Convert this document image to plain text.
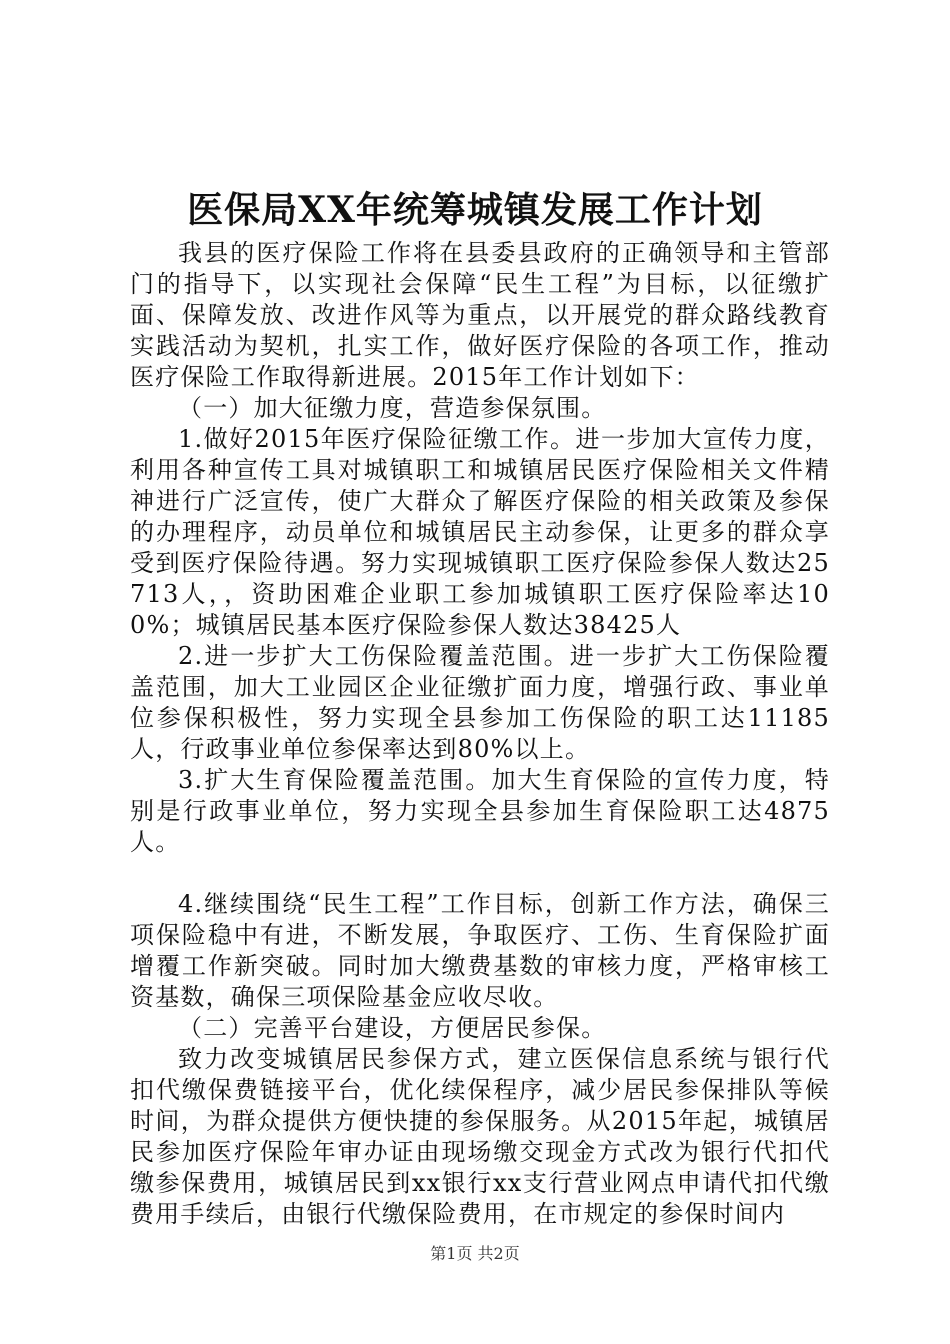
医保局XX年统筹城镇发展工作计划

我县的医疗保险工作将在县委县政府的正确领导和主管部门的指导下，以实现社会保障“民生工程”为目标，以征缴扩面、保障发放、改进作风等为重点，以开展党的群众路线教育实践活动为契机，扎实工作，做好医疗保险的各项工作，推动医疗保险工作取得新进展。2015年工作计划如下：

（一）加大征缴力度，营造参保氛围。

1.做好2015年医疗保险征缴工作。进一步加大宣传力度，利用各种宣传工具对城镇职工和城镇居民医疗保险相关文件精神进行广泛宣传，使广大群众了解医疗保险的相关政策及参保的办理程序，动员单位和城镇居民主动参保，让更多的群众享受到医疗保险待遇。努力实现城镇职工医疗保险参保人数达25713人，，资助困难企业职工参加城镇职工医疗保险率达100%；城镇居民基本医疗保险参保人数达38425人

2.进一步扩大工伤保险覆盖范围。进一步扩大工伤保险覆盖范围，加大工业园区企业征缴扩面力度，增强行政、事业单位参保积极性，努力实现全县参加工伤保险的职工达11185人，行政事业单位参保率达到80%以上。

3.扩大生育保险覆盖范围。加大生育保险的宣传力度，特别是行政事业单位，努力实现全县参加生育保险职工达4875人。

4.继续围绕“民生工程”工作目标，创新工作方法，确保三项保险稳中有进，不断发展，争取医疗、工伤、生育保险扩面增覆工作新突破。同时加大缴费基数的审核力度，严格审核工资基数，确保三项保险基金应收尽收。

（二）完善平台建设，方便居民参保。

致力改变城镇居民参保方式，建立医保信息系统与银行代扣代缴保费链接平台，优化续保程序，减少居民参保排队等候时间，为群众提供方便快捷的参保服务。从2015年起，城镇居民参加医疗保险年审办证由现场缴交现金方式改为银行代扣代缴参保费用，城镇居民到xx银行xx支行营业网点申请代扣代缴费用手续后，由银行代缴保险费用，在市规定的参保时间内

第1页 共2页
